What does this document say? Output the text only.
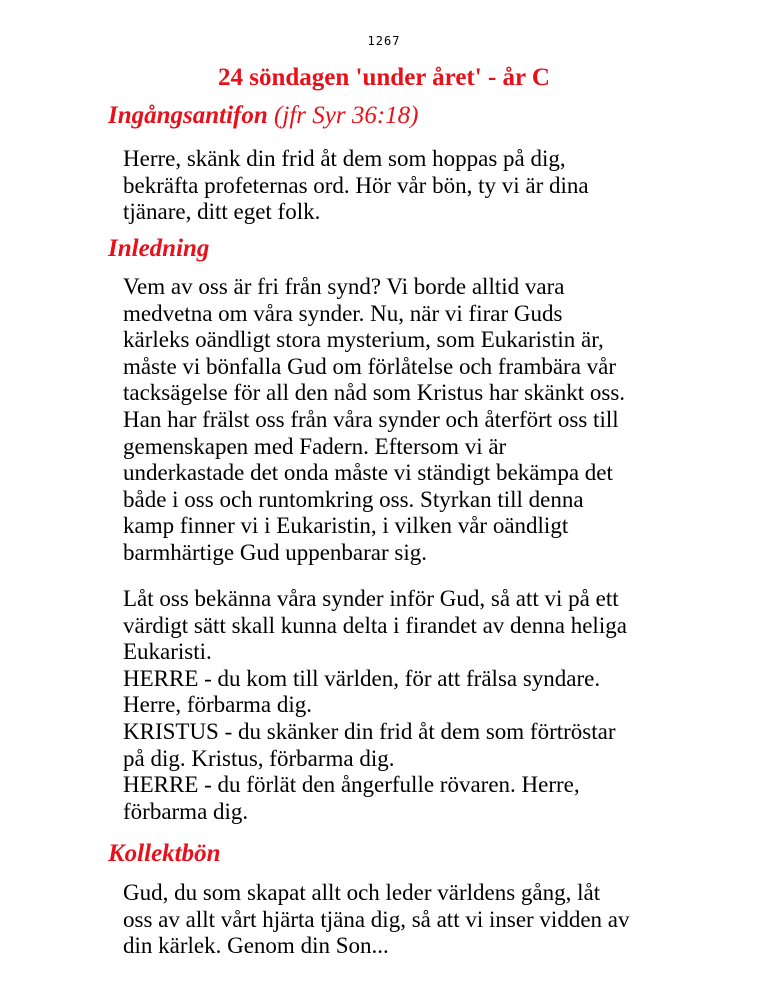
1267
24 söndagen 'under året' - år C
Ingångsantifon (jfr Syr 36:18)
Herre, skänk din frid åt dem som hoppas på dig,
bekräfta profeternas ord. Hör vår bön, ty vi är dina
tjänare, ditt eget folk.
Inledning
Vem av oss är fri från synd? Vi borde alltid vara
medvetna om våra synder. Nu, när vi firar Guds
kärleks oändligt stora mysterium, som Eukaristin är,
måste vi bönfalla Gud om förlåtelse och frambära vår
tacksägelse för all den nåd som Kristus har skänkt oss.
Han har frälst oss från våra synder och återfört oss till
gemenskapen med Fadern. Eftersom vi är
underkastade det onda måste vi ständigt bekämpa det
både i oss och runtomkring oss. Styrkan till denna
kamp finner vi i Eukaristin, i vilken vår oändligt
barmhärtige Gud uppenbarar sig.
Låt oss bekänna våra synder inför Gud, så att vi på ett
värdigt sätt skall kunna delta i firandet av denna heliga
Eukaristi.
HERRE - du kom till världen, för att frälsa syndare.
Herre, förbarma dig.
KRISTUS - du skänker din frid åt dem som förtröstar
på dig. Kristus, förbarma dig.
HERRE - du förlät den ångerfulle rövaren. Herre,
förbarma dig.
Kollektbön
Gud, du som skapat allt och leder världens gång, låt
oss av allt vårt hjärta tjäna dig, så att vi inser vidden av
din kärlek. Genom din Son...
